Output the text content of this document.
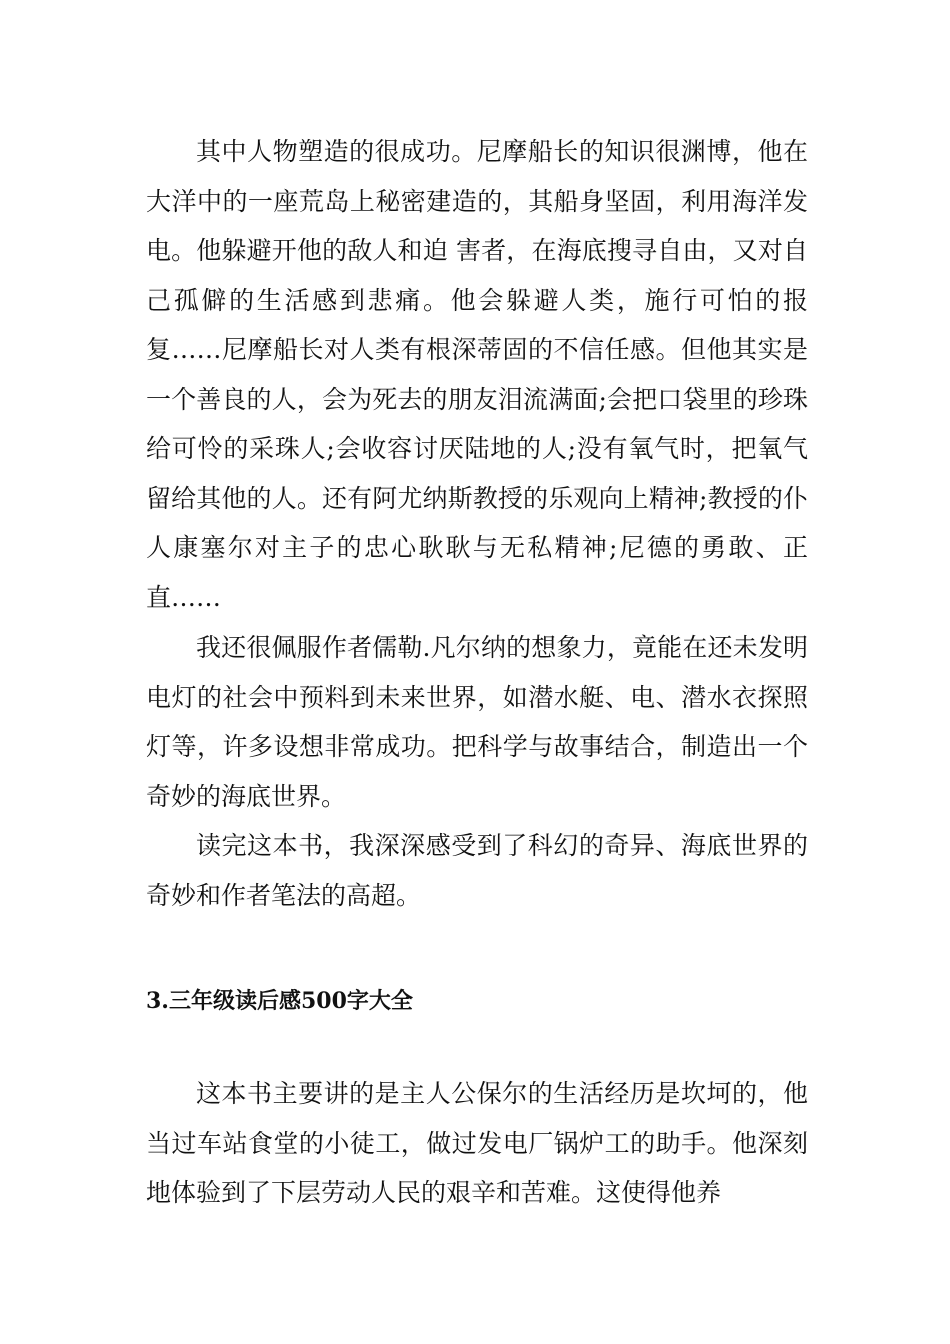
其中人物塑造的很成功。尼摩船长的知识很渊博，他在大洋中的一座荒岛上秘密建造的，其船身坚固，利用海洋发电。他躲避开他的敌人和迫 害者，在海底搜寻自由，又对自己孤僻的生活感到悲痛。他会躲避人类，施行可怕的报复……尼摩船长对人类有根深蒂固的不信任感。但他其实是一个善良的人，会为死去的朋友泪流满面;会把口袋里的珍珠给可怜的采珠人;会收容讨厌陆地的人;没有氧气时，把氧气留给其他的人。还有阿尤纳斯教授的乐观向上精神;教授的仆人康塞尔对主子的忠心耿耿与无私精神;尼德的勇敢、正直……

我还很佩服作者儒勒.凡尔纳的想象力，竟能在还未发明电灯的社会中预料到未来世界，如潜水艇、电、潜水衣探照灯等，许多设想非常成功。把科学与故事结合，制造出一个奇妙的海底世界。

读完这本书，我深深感受到了科幻的奇异、海底世界的奇妙和作者笔法的高超。

3.三年级读后感500字大全

这本书主要讲的是主人公保尔的生活经历是坎坷的，他当过车站食堂的小徒工，做过发电厂锅炉工的助手。他深刻地体验到了下层劳动人民的艰辛和苦难。这使得他养
